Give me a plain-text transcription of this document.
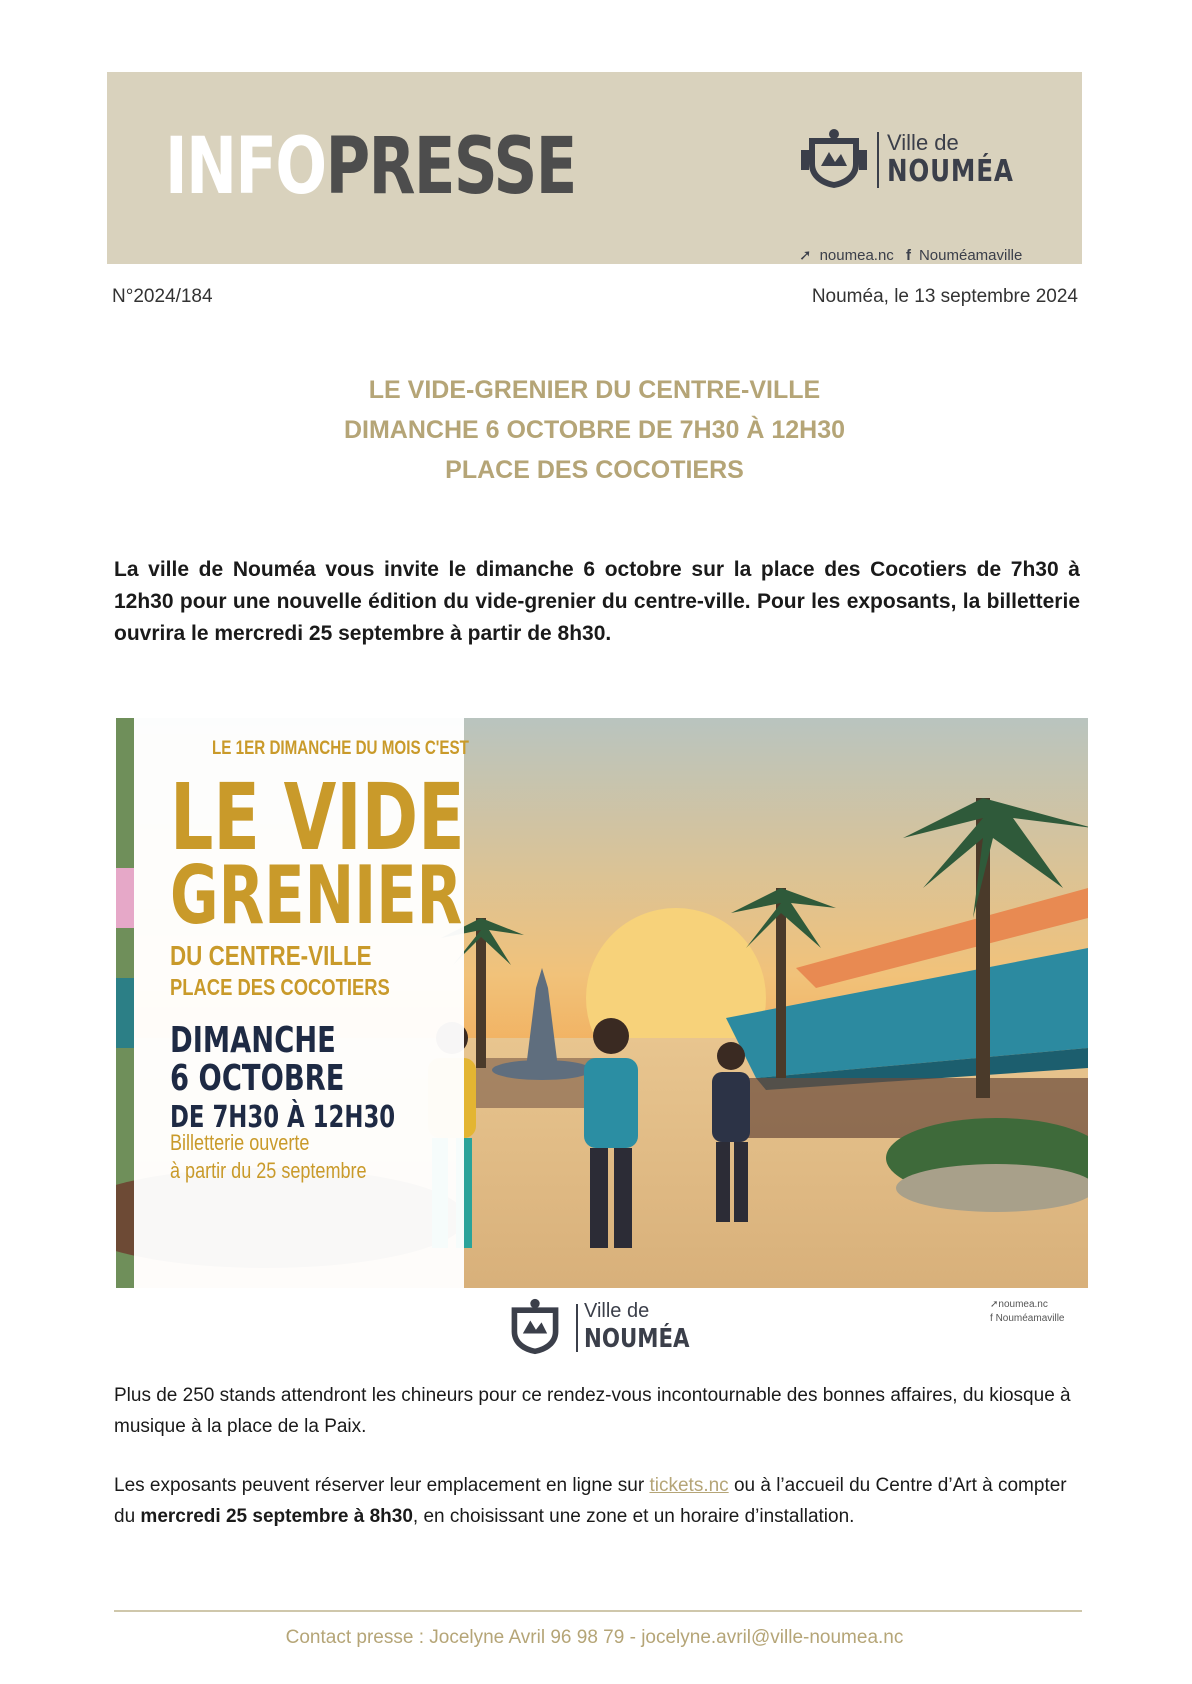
INFOPRESSE	Ville de
NOUMÉA
➚ noumea.nc f Nouméamaville
N°2024/184	Nouméa, le 13 septembre 2024
LE VIDE-GRENIER DU CENTRE-VILLE
DIMANCHE 6 OCTOBRE DE 7H30 À 12H30
PLACE DES COCOTIERS
La ville de Nouméa vous invite le dimanche 6 octobre sur la place des Cocotiers de 7h30 à 12h30 pour une nouvelle édition du vide-grenier du centre-ville. Pour les exposants, la billetterie ouvrira le mercredi 25 septembre à partir de 8h30.
LE 1ER DIMANCHE DU MOIS C'EST
LE VIDE
GRENIER
DU CENTRE-VILLE
PLACE DES COCOTIERS
DIMANCHE
6 OCTOBRE
DE 7H30 À 12H30
Billetterie ouverte
à partir du 25 septembre
Ville de
NOUMÉA
➚noumea.nc
f Nouméamaville
Plus de 250 stands attendront les chineurs pour ce rendez-vous incontournable des bonnes affaires, du kiosque à musique à la place de la Paix.
Les exposants peuvent réserver leur emplacement en ligne sur tickets.nc ou à l’accueil du Centre d’Art à compter du mercredi 25 septembre à 8h30, en choisissant une zone et un horaire d’installation.
Contact presse : Jocelyne Avril 96 98 79 - jocelyne.avril@ville-noumea.nc
